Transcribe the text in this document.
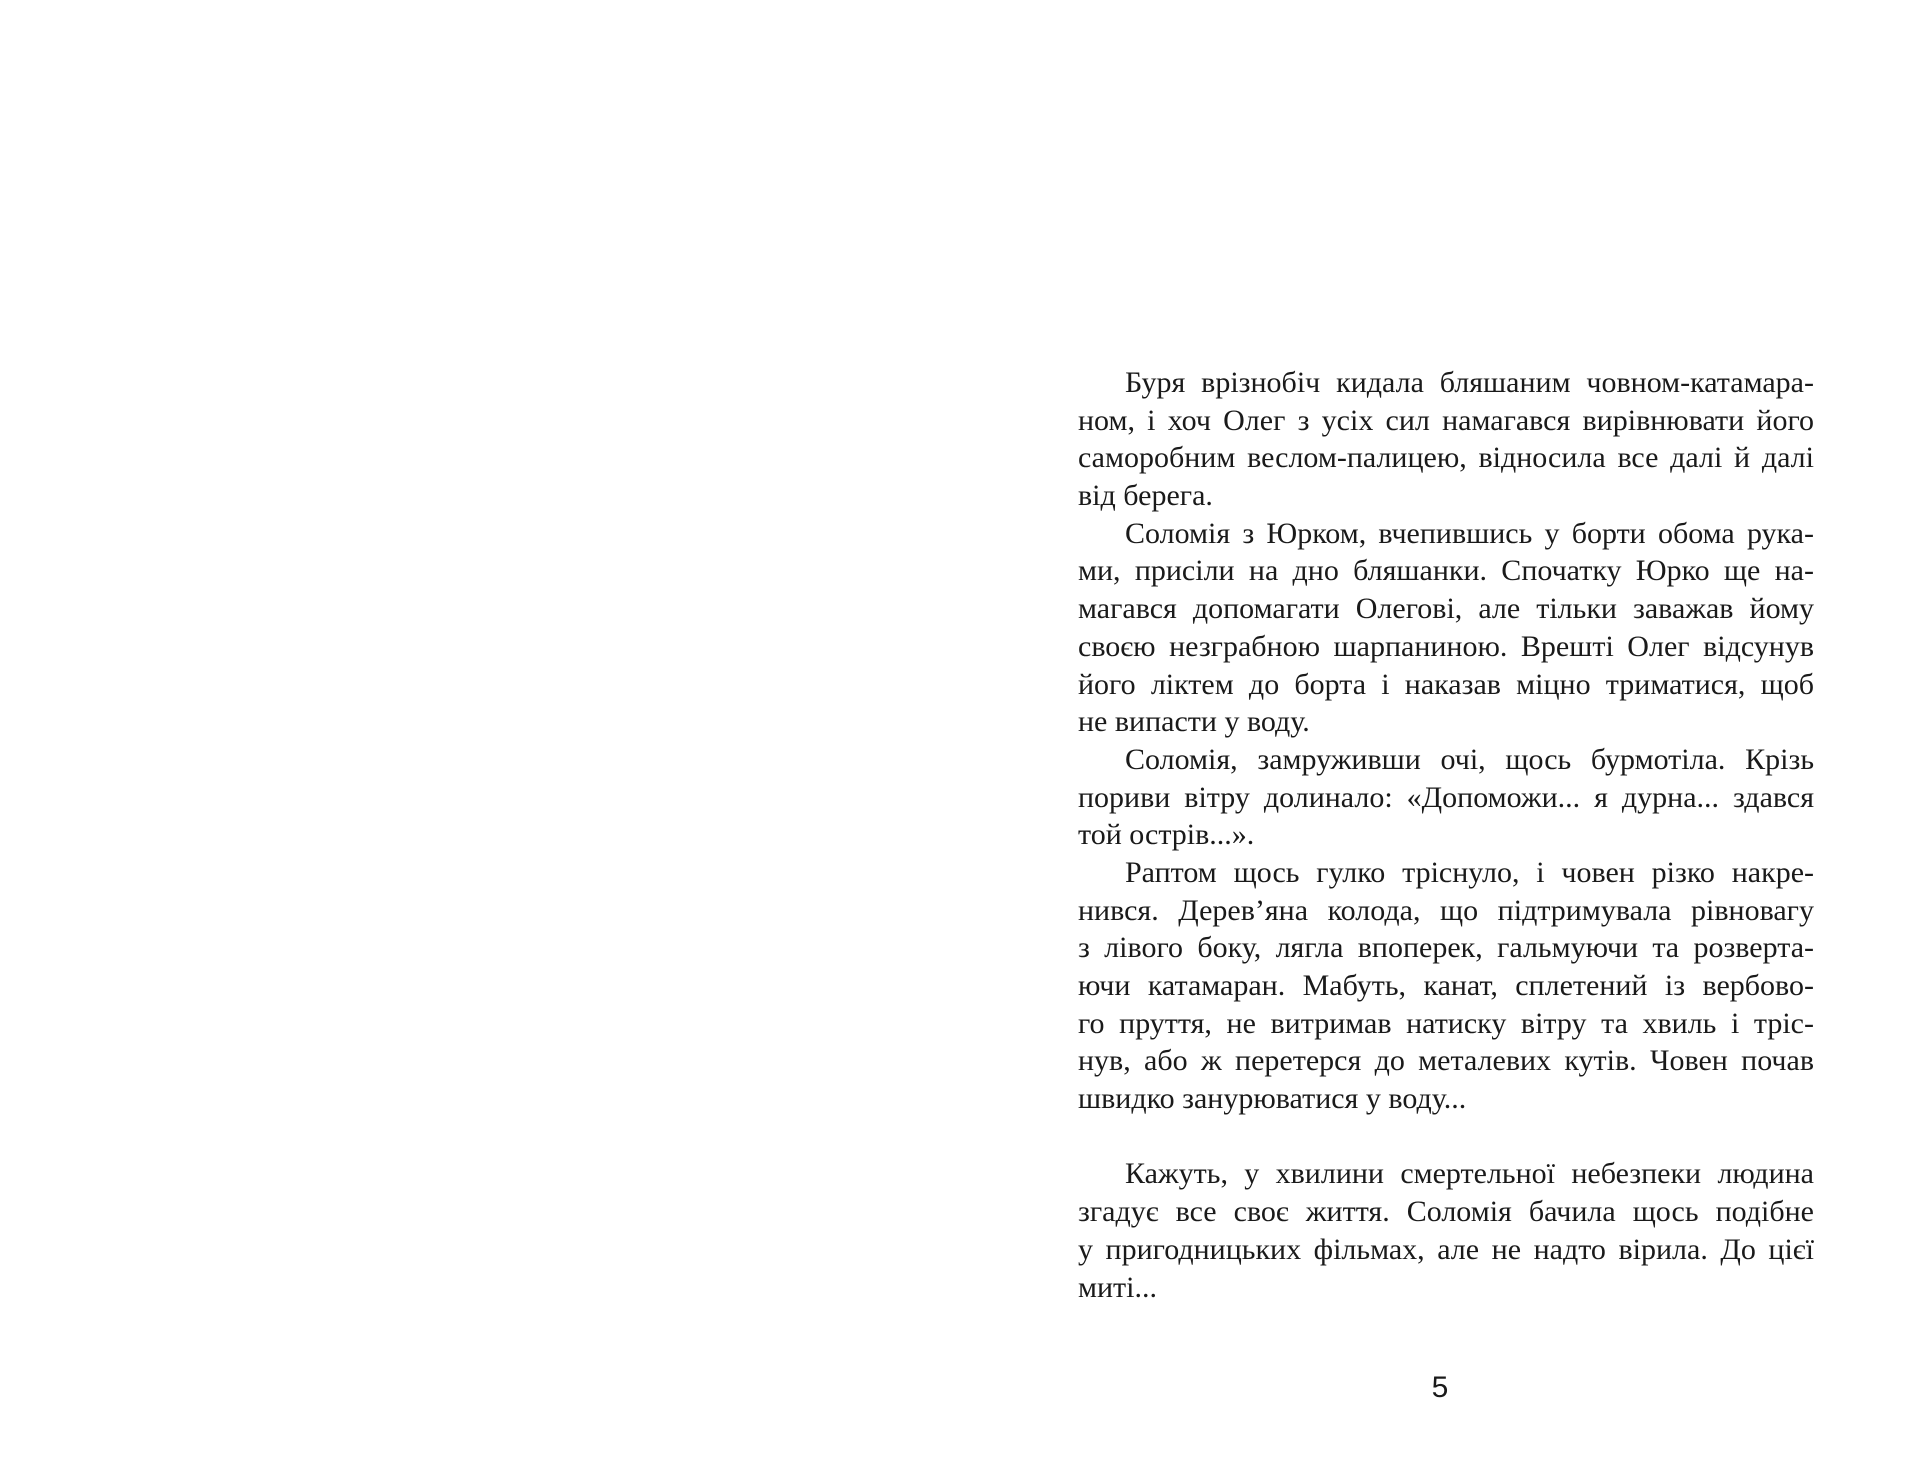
Буря врізнобіч кидала бляшаним човном-катамара-
ном, і хоч Олег з усіх сил намагався вирівнювати його
саморобним веслом-палицею, відносила все далі й далі
від берега.
Соломія з Юрком, вчепившись у борти обома рука-
ми, присіли на дно бляшанки. Спочатку Юрко ще на-
магався допомагати Олегові, але тільки заважав йому
своєю незграбною шарпаниною. Врешті Олег відсунув
його ліктем до борта і наказав міцно триматися, щоб
не випасти у воду.
Соломія, замруживши очі, щось бурмотіла. Крізь
пориви вітру долинало: «Допоможи... я дурна... здався
той острів...».
Раптом щось гулко тріснуло, і човен різко накре-
нився. Дерев’яна колода, що підтримувала рівновагу
з лівого боку, лягла впоперек, гальмуючи та розверта-
ючи катамаран. Мабуть, канат, сплетений із вербово-
го пруття, не витримав натиску вітру та хвиль і тріс-
нув, або ж перетерся до металевих кутів. Човен почав
швидко занурюватися у воду...
Кажуть, у хвилини смертельної небезпеки людина
згадує все своє життя. Соломія бачила щось подібне
у пригодницьких фільмах, але не надто вірила. До цієї
миті...
5
